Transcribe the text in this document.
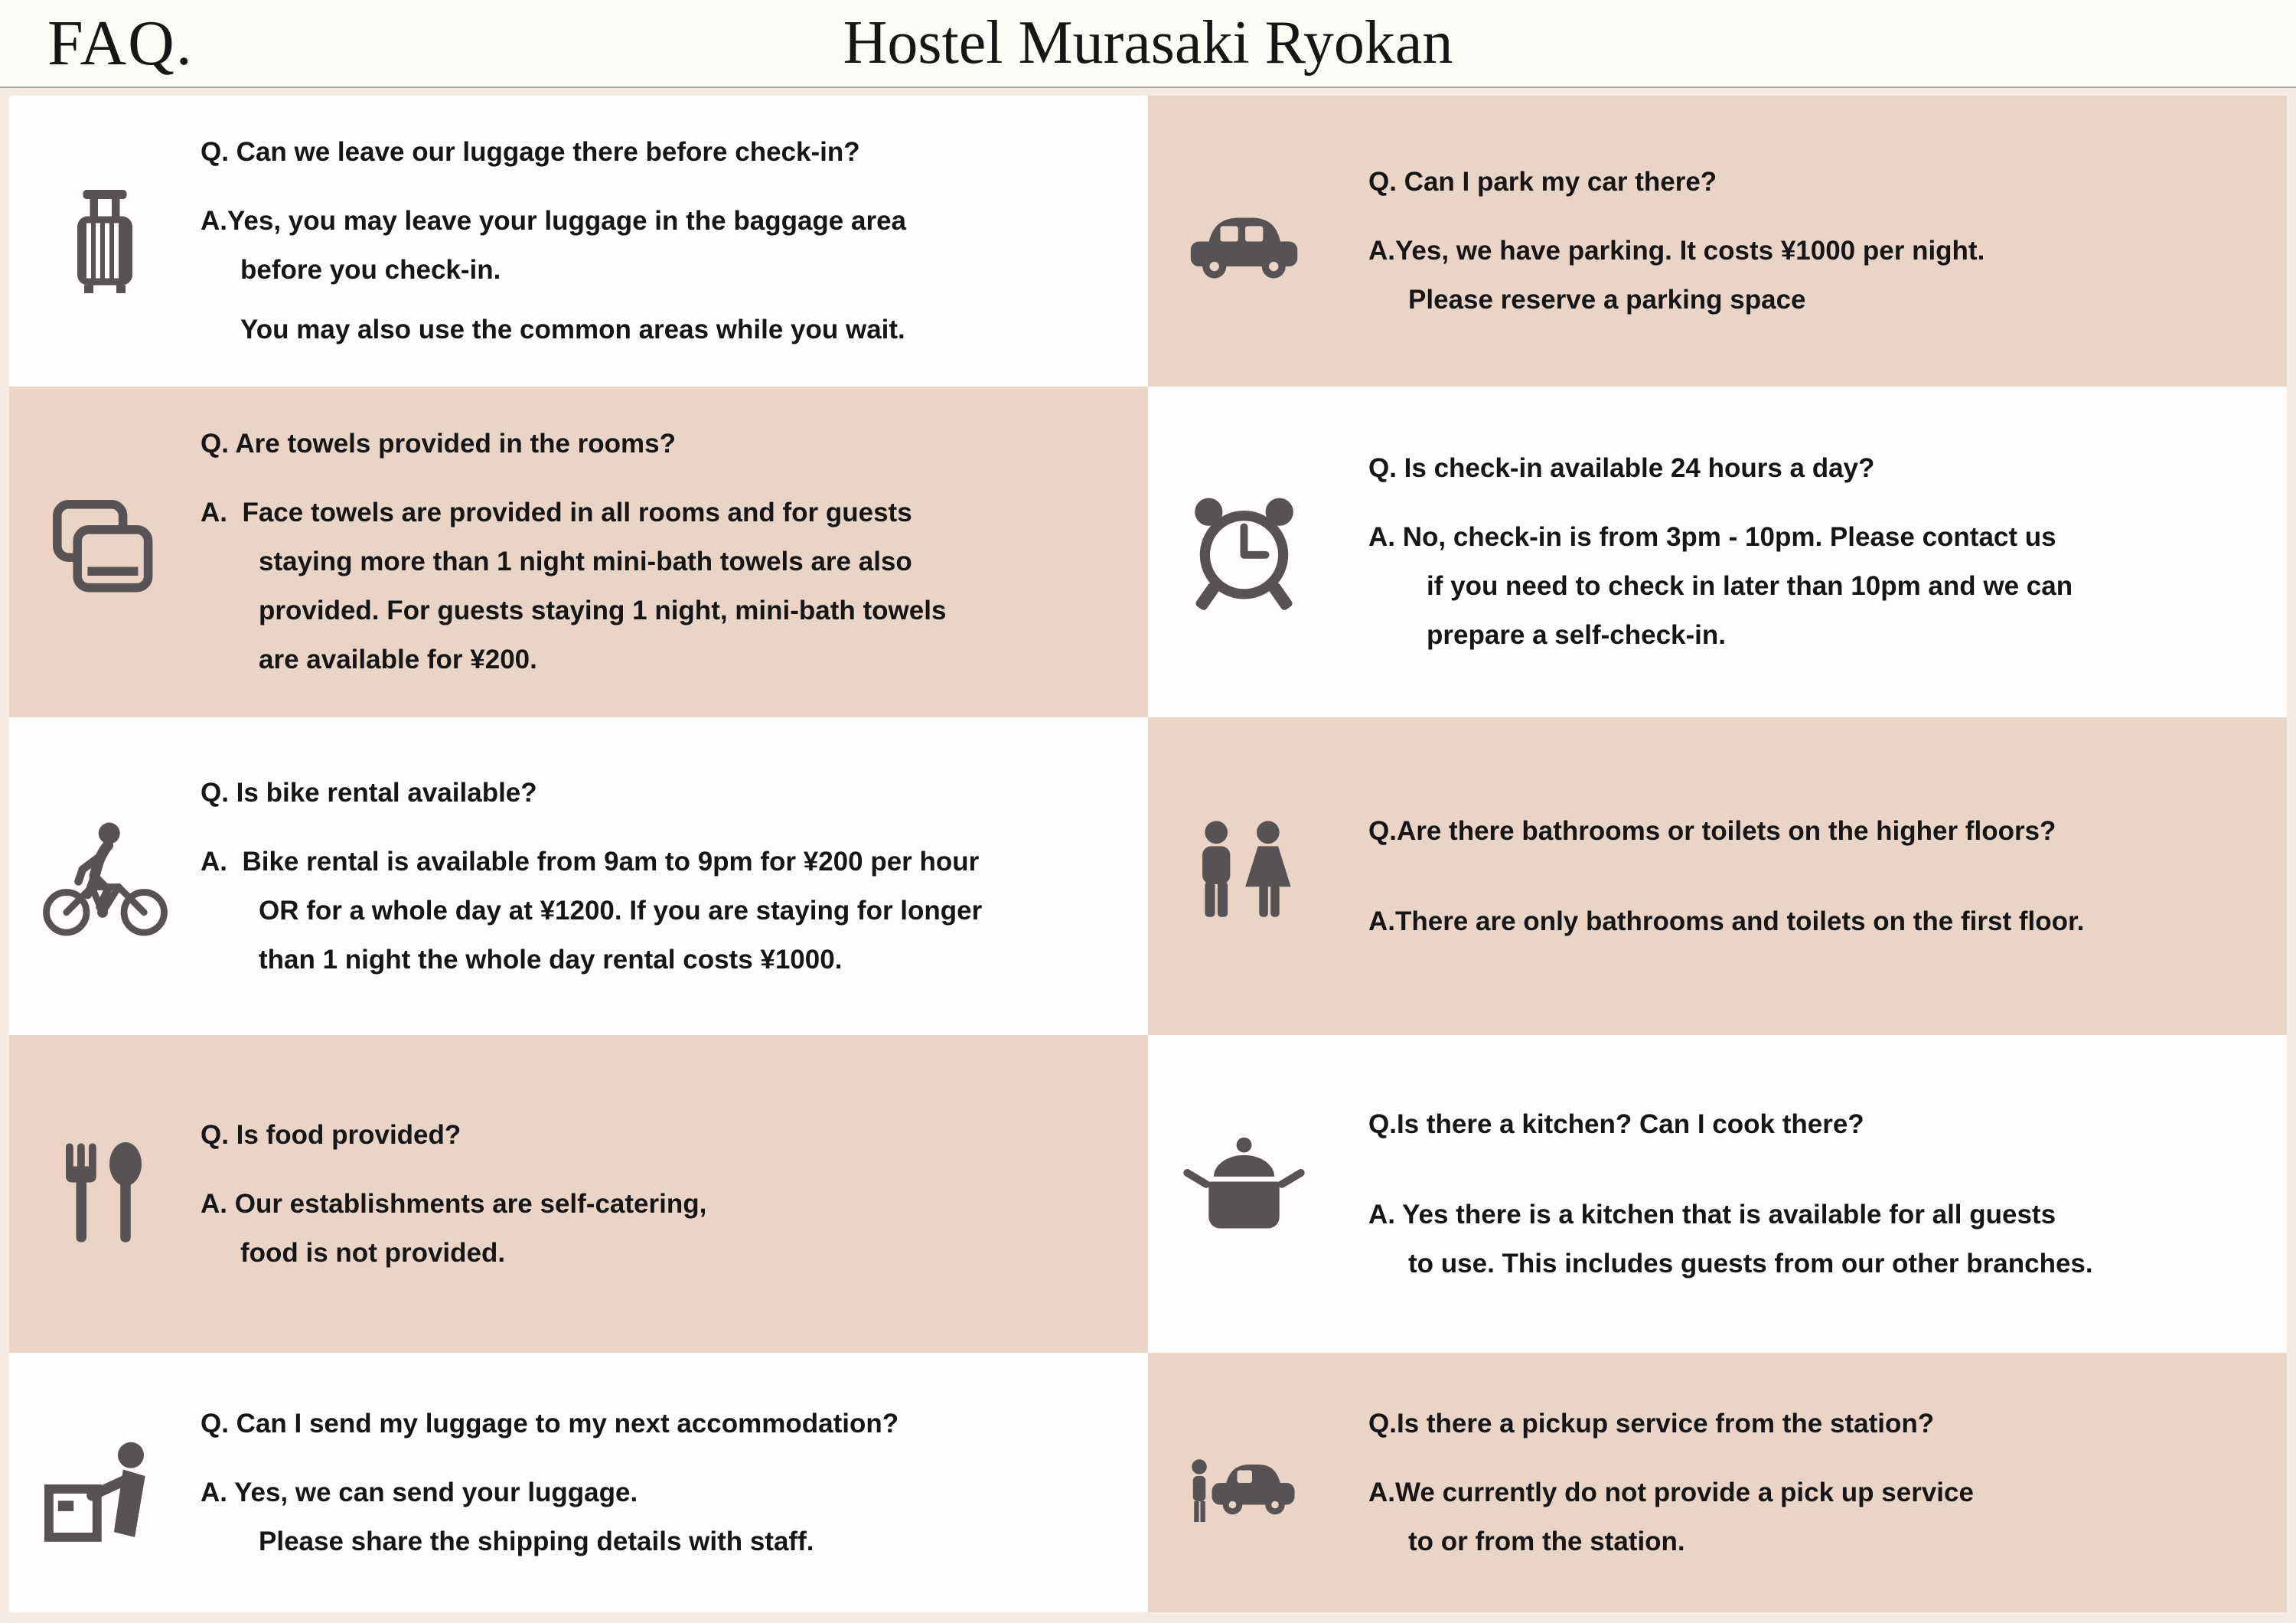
FAQ.	Hostel Murasaki Ryokan
Q. Can we leave our luggage there before check-in?
A.Yes, you may leave your luggage in the baggage area
before you check-in.
You may also use the common areas while you wait.
Q. Can I park my car there?
A.Yes, we have parking. It costs ¥1000 per night.
Please reserve a parking space
Q. Are towels provided in the rooms?
A.  Face towels are provided in all rooms and for guests
staying more than 1 night mini-bath towels are also
provided. For guests staying 1 night, mini-bath towels
are available for ¥200.
Q. Is check-in available 24 hours a day?
A. No, check-in is from 3pm - 10pm. Please contact us
if you need to check in later than 10pm and we can
prepare a self-check-in.
Q. Is bike rental available?
A.  Bike rental is available from 9am to 9pm for ¥200 per hour
OR for a whole day at ¥1200. If you are staying for longer
than 1 night the whole day rental costs ¥1000.
Q.Are there bathrooms or toilets on the higher floors?
A.There are only bathrooms and toilets on the first floor.
Q. Is food provided?
A. Our establishments are self-catering,
food is not provided.
Q.Is there a kitchen? Can I cook there?
A. Yes there is a kitchen that is available for all guests
to use. This includes guests from our other branches.
Q. Can I send my luggage to my next accommodation?
A. Yes, we can send your luggage.
Please share the shipping details with staff.
Q.Is there a pickup service from the station?
A.We currently do not provide a pick up service
to or from the station.
